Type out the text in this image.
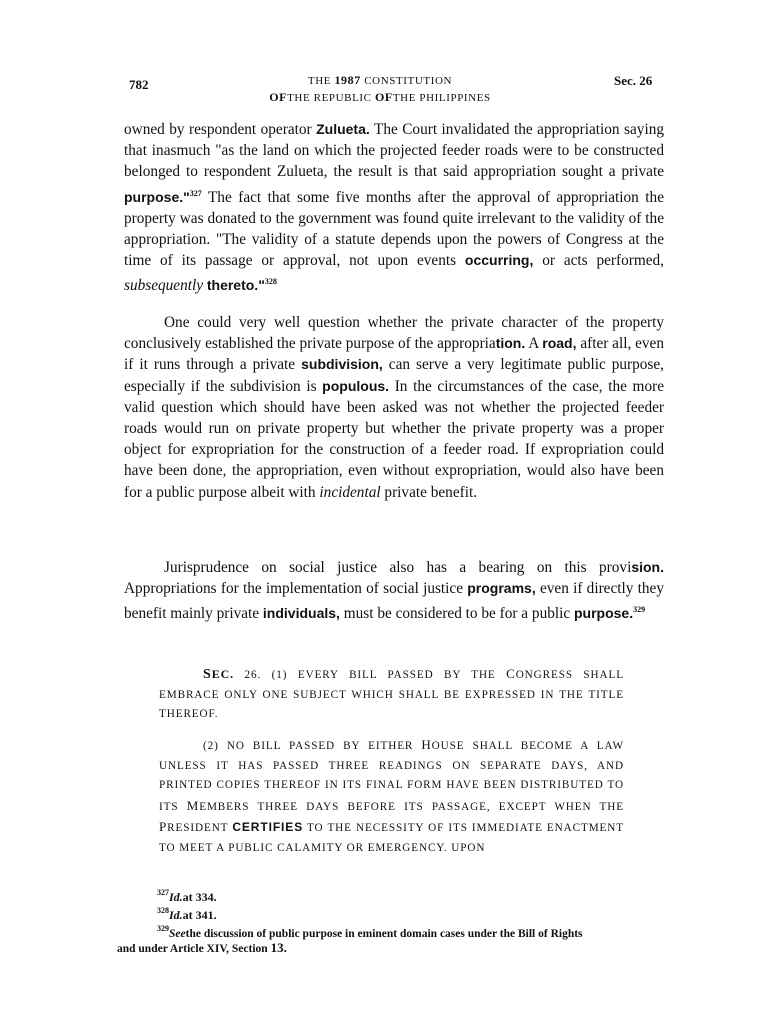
782	THE 1987 CONSTITUTION
OFTHE REPUBLIC OFTHE PHILIPPINES
Sec. 26

owned by respondent operator Zulueta. The Court invalidated the appropriation saying that inasmuch "as the land on which the projected feeder roads were to be constructed belonged to respondent Zulueta, the result is that said appropriation sought a private purpose."$^{327}$ The fact that some five months after the approval of appropriation the property was donated to the government was found quite irrelevant to the validity of the appropriation. "The validity of a statute depends upon the powers of Congress at the time of its passage or approval, not upon events occurring, or acts performed, subsequently thereto."$^{328}$

One could very well question whether the private character of the property conclusively established the private purpose of the appropriation. A road, after all, even if it runs through a private subdivision, can serve a very legitimate public purpose, especially if the subdivision is populous. In the circumstances of the case, the more valid question which should have been asked was not whether the projected feeder roads would run on private property but whether the private property was a proper object for expropriation for the construction of a feeder road. If expropriation could have been done, the appropriation, even without expropriation, would also have been for a public purpose albeit with incidental private benefit.

Jurisprudence on social justice also has a bearing on this provision. Appropriations for the implementation of social justice programs, even if directly they benefit mainly private individuals, must be considered to be for a public purpose.$^{329}$

SEC. 26. (1) EVERY BILL PASSED BY THE CONGRESS SHALL EMBRACE ONLY ONE SUBJECT WHICH SHALL BE EXPRESSED IN THE TITLE THEREOF.

(2) NO BILL PASSED BY EITHER HOUSE SHALL BECOME A LAW UNLESS IT HAS PASSED THREE READINGS ON SEPARATE DAYS, AND PRINTED COPIES THEREOF IN ITS FINAL FORM HAVE BEEN DISTRIBUTED TO ITS MEMBERS THREE DAYS BEFORE ITS PASSAGE, EXCEPT WHEN THE PRESIDENT CERTIFIES TO THE NECESSITY OF ITS IMMEDIATE ENACTMENT TO MEET A PUBLIC CALAMITY OR EMERGENCY. UPON

$^{327}$Id.at 334.
$^{328}$Id.at 341.
$^{329}$Seethe discussion of public purpose in eminent domain cases under the Bill of Rights
and under Article XIV, Section 13.
